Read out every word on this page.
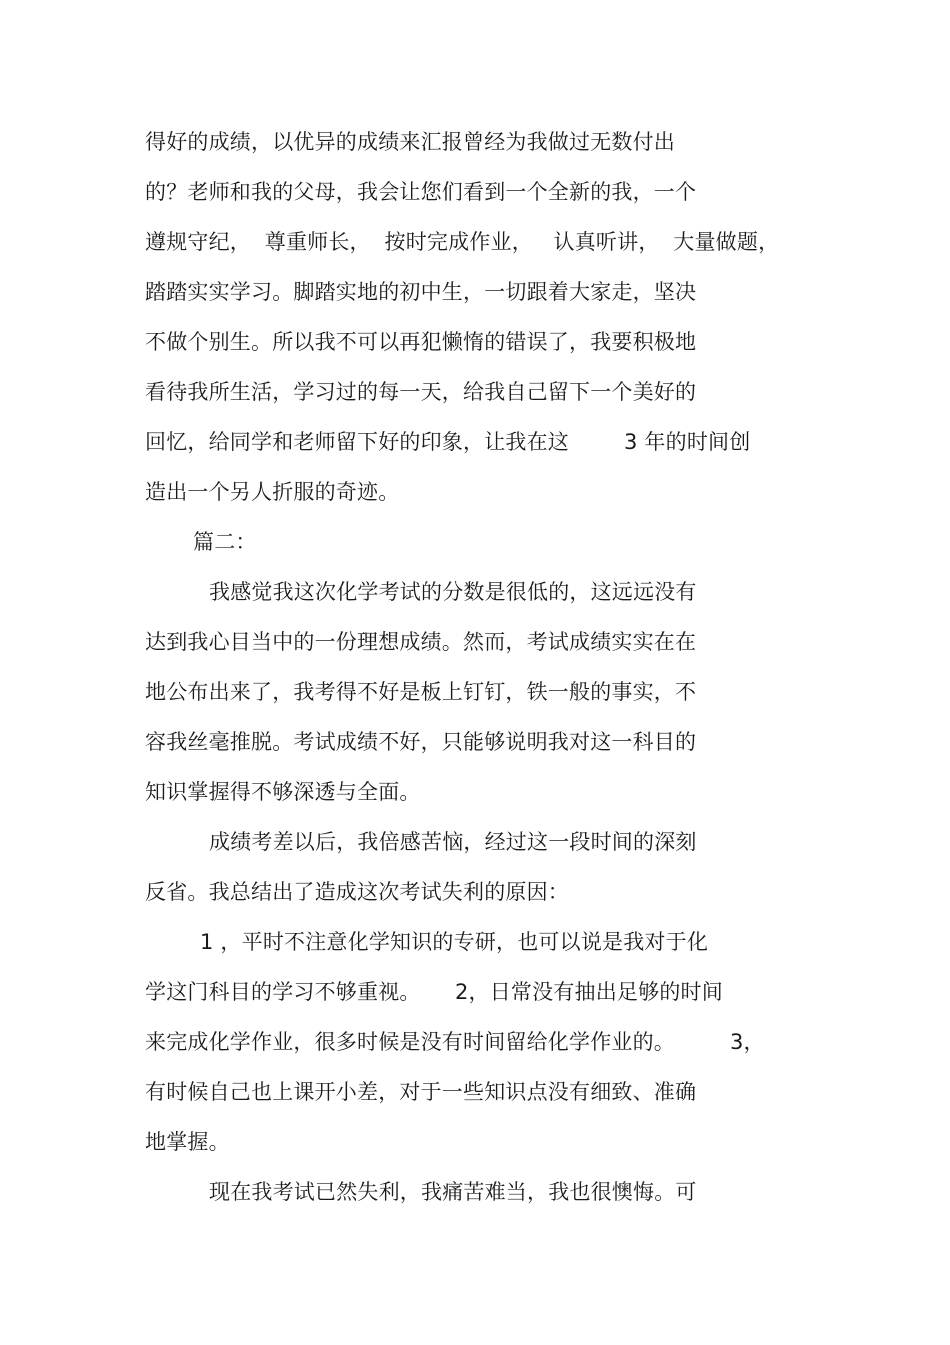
得好的成绩，以优异的成绩来汇报曾经为我做过无数付出
的？老师和我的父母，我会让您们看到一个全新的我，一个
遵规守纪，  尊重师长，  按时完成作业，   认真听讲，  大量做题，
踏踏实实学习。脚踏实地的初中生，一切跟着大家走，坚决
不做个别生。所以我不可以再犯懒惰的错误了，我要积极地
看待我所生活，学习过的每一天，给我自己留下一个美好的
回忆，给同学和老师留下好的印象，让我在这        3 年的时间创
造出一个另人折服的奇迹。
篇二：
我感觉我这次化学考试的分数是很低的，这远远没有
达到我心目当中的一份理想成绩。然而，考试成绩实实在在
地公布出来了，我考得不好是板上钉钉，铁一般的事实，不
容我丝毫推脱。考试成绩不好，只能够说明我对这一科目的
知识掌握得不够深透与全面。
成绩考差以后，我倍感苦恼，经过这一段时间的深刻
反省。我总结出了造成这次考试失利的原因：
1 ，平时不注意化学知识的专研，也可以说是我对于化
学这门科目的学习不够重视。     2，日常没有抽出足够的时间
来完成化学作业，很多时候是没有时间留给化学作业的。        3，
有时候自己也上课开小差，对于一些知识点没有细致、准确
地掌握。
现在我考试已然失利，我痛苦难当，我也很懊悔。可
